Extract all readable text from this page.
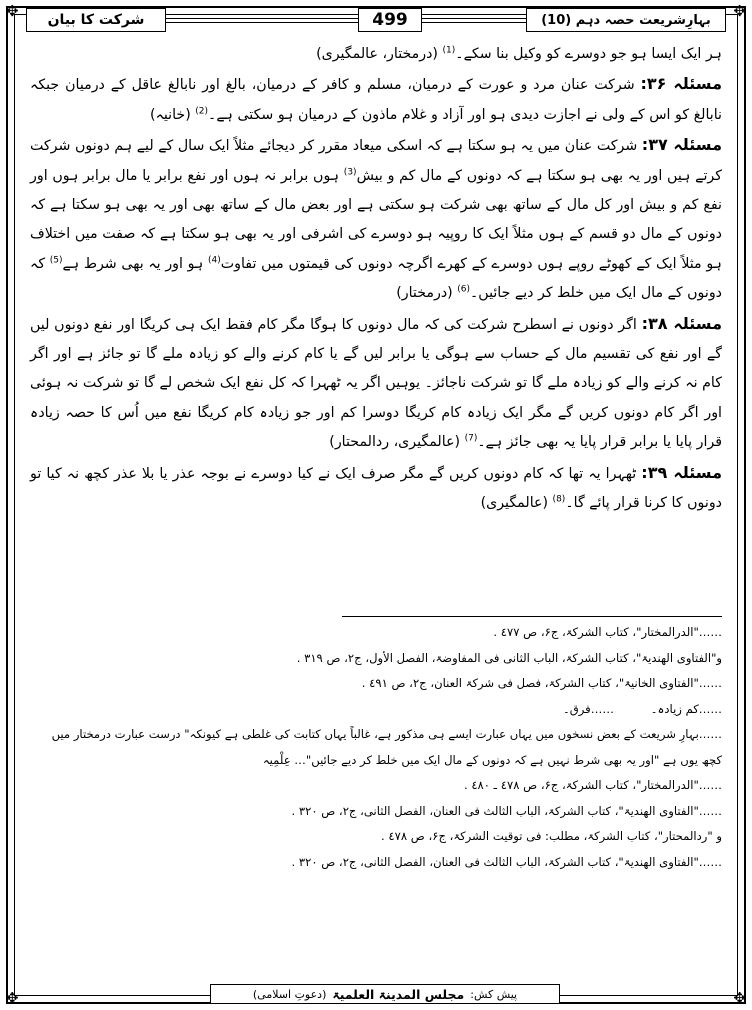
✥	✥
✥	✥
شرکت کا بیان	499	بہارِشریعت حصہ دہم (10)

ہر ایک ایسا ہو جو دوسرے کو وکیل بنا سکے۔$^{(1)}$ (درمختار، عالمگیری)

مسئلہ ۳۶: شرکت عنان مرد و عورت کے درمیان، مسلم و کافر کے درمیان، بالغ اور نابالغ عاقل کے درمیان جبکہ نابالغ کو اس کے ولی نے اجازت دیدی ہو اور آزاد و غلام ماذون کے درمیان ہو سکتی ہے۔$^{(2)}$ (خانیہ)

مسئلہ ۳۷: شرکت عنان میں یہ ہو سکتا ہے کہ اسکی میعاد مقرر کر دیجائے مثلاً ایک سال کے لیے ہم دونوں شرکت کرتے ہیں اور یہ بھی ہو سکتا ہے کہ دونوں کے مال کم و بیش$^{(3)}$ ہوں برابر نہ ہوں اور نفع برابر یا مال برابر ہوں اور نفع کم و بیش اور کل مال کے ساتھ بھی شرکت ہو سکتی ہے اور بعض مال کے ساتھ بھی اور یہ بھی ہو سکتا ہے کہ دونوں کے مال دو قسم کے ہوں مثلاً ایک کا روپیہ ہو دوسرے کی اشرفی اور یہ بھی ہو سکتا ہے کہ صفت میں اختلاف ہو مثلاً ایک کے کھوٹے روپے ہوں دوسرے کے کھرے اگرچہ دونوں کی قیمتوں میں تفاوت$^{(4)}$ ہو اور یہ بھی شرط ہے$^{(5)}$ کہ دونوں کے مال ایک میں خلط کر دیے جائیں۔$^{(6)}$ (درمختار)

مسئلہ ۳۸: اگر دونوں نے اسطرح شرکت کی کہ مال دونوں کا ہوگا مگر کام فقط ایک ہی کریگا اور نفع دونوں لیں گے اور نفع کی تقسیم مال کے حساب سے ہوگی یا برابر لیں گے یا کام کرنے والے کو زیادہ ملے گا تو جائز ہے اور اگر کام نہ کرنے والے کو زیادہ ملے گا تو شرکت ناجائز۔ یوہیں اگر یہ ٹھہرا کہ کل نفع ایک شخص لے گا تو شرکت نہ ہوئی اور اگر کام دونوں کریں گے مگر ایک زیادہ کام کریگا دوسرا کم اور جو زیادہ کام کریگا نفع میں اُس کا حصہ زیادہ قرار پایا یا برابر قرار پایا یہ بھی جائز ہے۔$^{(7)}$ (عالمگیری، ردالمحتار)

مسئلہ ۳۹: ٹھہرا یہ تھا کہ کام دونوں کریں گے مگر صرف ایک نے کیا دوسرے نے بوجہ عذر یا بلا عذر کچھ نہ کیا تو دونوں کا کرنا قرار پائے گا۔$^{(8)}$ (عالمگیری)

……"الدرالمختار"، کتاب الشرکۃ، ج۶، ص ٤٧٧ .
و"الفتاوی الھندیۃ"، کتاب الشرکۃ، الباب الثانی فی المفاوضۃ، الفصل الأول، ج۲، ص ٣١٩ .
……"الفتاوی الخانیۃ"، کتاب الشرکۃ، فصل فی شرکۃ العنان، ج۲، ص ٤٩١ .
……کم زیادہ۔          ……فرق۔
……بہارِ شریعت کے بعض نسخوں میں یہاں عبارت ایسے ہی مذکور ہے، غالباً یہاں کتابت کی غلطی ہے کیونکہ" درست عبارت درمختار میں کچھ یوں ہے "اور یہ بھی شرط نہیں ہے کہ دونوں کے مال ایک میں خلط کر دیے جائیں"… عِلْمِیہ
……"الدرالمختار"، کتاب الشرکۃ، ج۶، ص ٤٧٨ ـ ٤٨٠ .
……"الفتاوی الھندیۃ"، کتاب الشرکۃ، الباب الثالث فی العنان، الفصل الثانی، ج۲، ص ٣٢٠ .
و "ردالمحتار"، کتاب الشرکۃ، مطلب: فی توقیت الشرکۃ، ج۶، ص ٤٧٨ .
……"الفتاوی الھندیۃ"، کتاب الشرکۃ، الباب الثالث فی العنان، الفصل الثانی، ج۲، ص ٣٢٠ .
پیش کش:
مجلس المدینۃ العلمیۃ
(دعوتِ اسلامی)
